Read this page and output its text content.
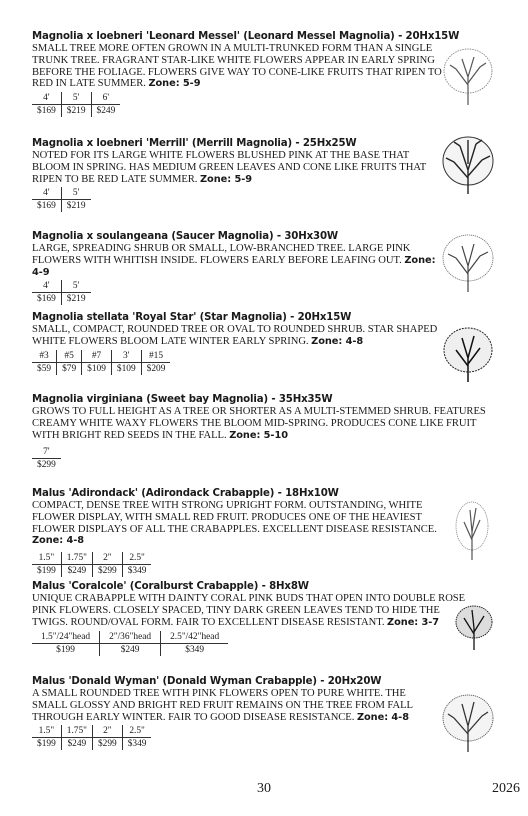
Magnolia x loebneri 'Leonard Messel' (Leonard Messel Magnolia) - 20Hx15W
SMALL TREE MORE OFTEN GROWN IN A MULTI-TRUNKED FORM THAN A SINGLE TRUNK TREE. FRAGRANT STAR-LIKE WHITE FLOWERS APPEAR IN EARLY SPRING BEFORE THE FOLIAGE. FLOWERS GIVE WAY TO CONE-LIKE FRUITS THAT RIPEN TO RED IN LATE SUMMER. Zone: 5-9
4'	5'	6'
$169	$219	$249
Magnolia x loebneri 'Merrill' (Merrill Magnolia) - 25Hx25W
NOTED FOR ITS LARGE WHITE FLOWERS BLUSHED PINK AT THE BASE THAT BLOOM IN SPRING. HAS MEDIUM GREEN LEAVES AND CONE LIKE FRUITS THAT RIPEN TO BE RED LATE SUMMER. Zone: 5-9
4'	5'
$169	$219
Magnolia x soulangeana (Saucer Magnolia) - 30Hx30W
LARGE, SPREADING SHRUB OR SMALL, LOW-BRANCHED TREE. LARGE PINK FLOWERS WITH WHITISH INSIDE. FLOWERS EARLY BEFORE LEAFING OUT. Zone: 4-9
4'	5'
$169	$219
Magnolia stellata 'Royal Star' (Star Magnolia) - 20Hx15W
SMALL, COMPACT, ROUNDED TREE OR OVAL TO ROUNDED SHRUB. STAR SHAPED WHITE FLOWERS BLOOM LATE WINTER EARLY SPRING. Zone: 4-8
#3	#5	#7	3'	#15
$59	$79	$109	$109	$209
Magnolia virginiana (Sweet bay Magnolia) - 35Hx35W
GROWS TO FULL HEIGHT AS A TREE OR SHORTER AS A MULTI-STEMMED SHRUB. FEATURES CREAMY WHITE WAXY FLOWERS THE BLOOM MID-SPRING. PRODUCES CONE LIKE FRUIT WITH BRIGHT RED SEEDS IN THE FALL. Zone: 5-10
7'
$299
Malus 'Adirondack' (Adirondack Crabapple) - 18Hx10W
COMPACT, DENSE TREE WITH STRONG UPRIGHT FORM. OUTSTANDING, WHITE FLOWER DISPLAY, WITH SMALL RED FRUIT. PRODUCES ONE OF THE HEAVIEST FLOWER DISPLAYS OF ALL THE CRABAPPLES. EXCELLENT DISEASE RESISTANCE. Zone: 4-8
1.5"	1.75"	2"	2.5"
$199	$249	$299	$349
Malus 'Coralcole' (Coralburst Crabapple) - 8Hx8W
UNIQUE CRABAPPLE WITH DAINTY CORAL PINK BUDS THAT OPEN INTO DOUBLE ROSE PINK FLOWERS. CLOSELY SPACED, TINY DARK GREEN LEAVES TEND TO HIDE THE TWIGS. ROUND/OVAL FORM. FAIR TO EXCELLENT DISEASE RESISTANT. Zone: 3-7
1.5"/24"head	2"/36"head	2.5"/42"head
$199	$249	$349
Malus 'Donald Wyman' (Donald Wyman Crabapple) - 20Hx20W
A SMALL ROUNDED TREE WITH PINK FLOWERS OPEN TO PURE WHITE. THE SMALL GLOSSY AND BRIGHT RED FRUIT REMAINS ON THE TREE FROM FALL THROUGH EARLY WINTER. FAIR TO GOOD DISEASE RESISTANCE. Zone: 4-8
1.5"	1.75"	2"	2.5"
$199	$249	$299	$349
30	2026
